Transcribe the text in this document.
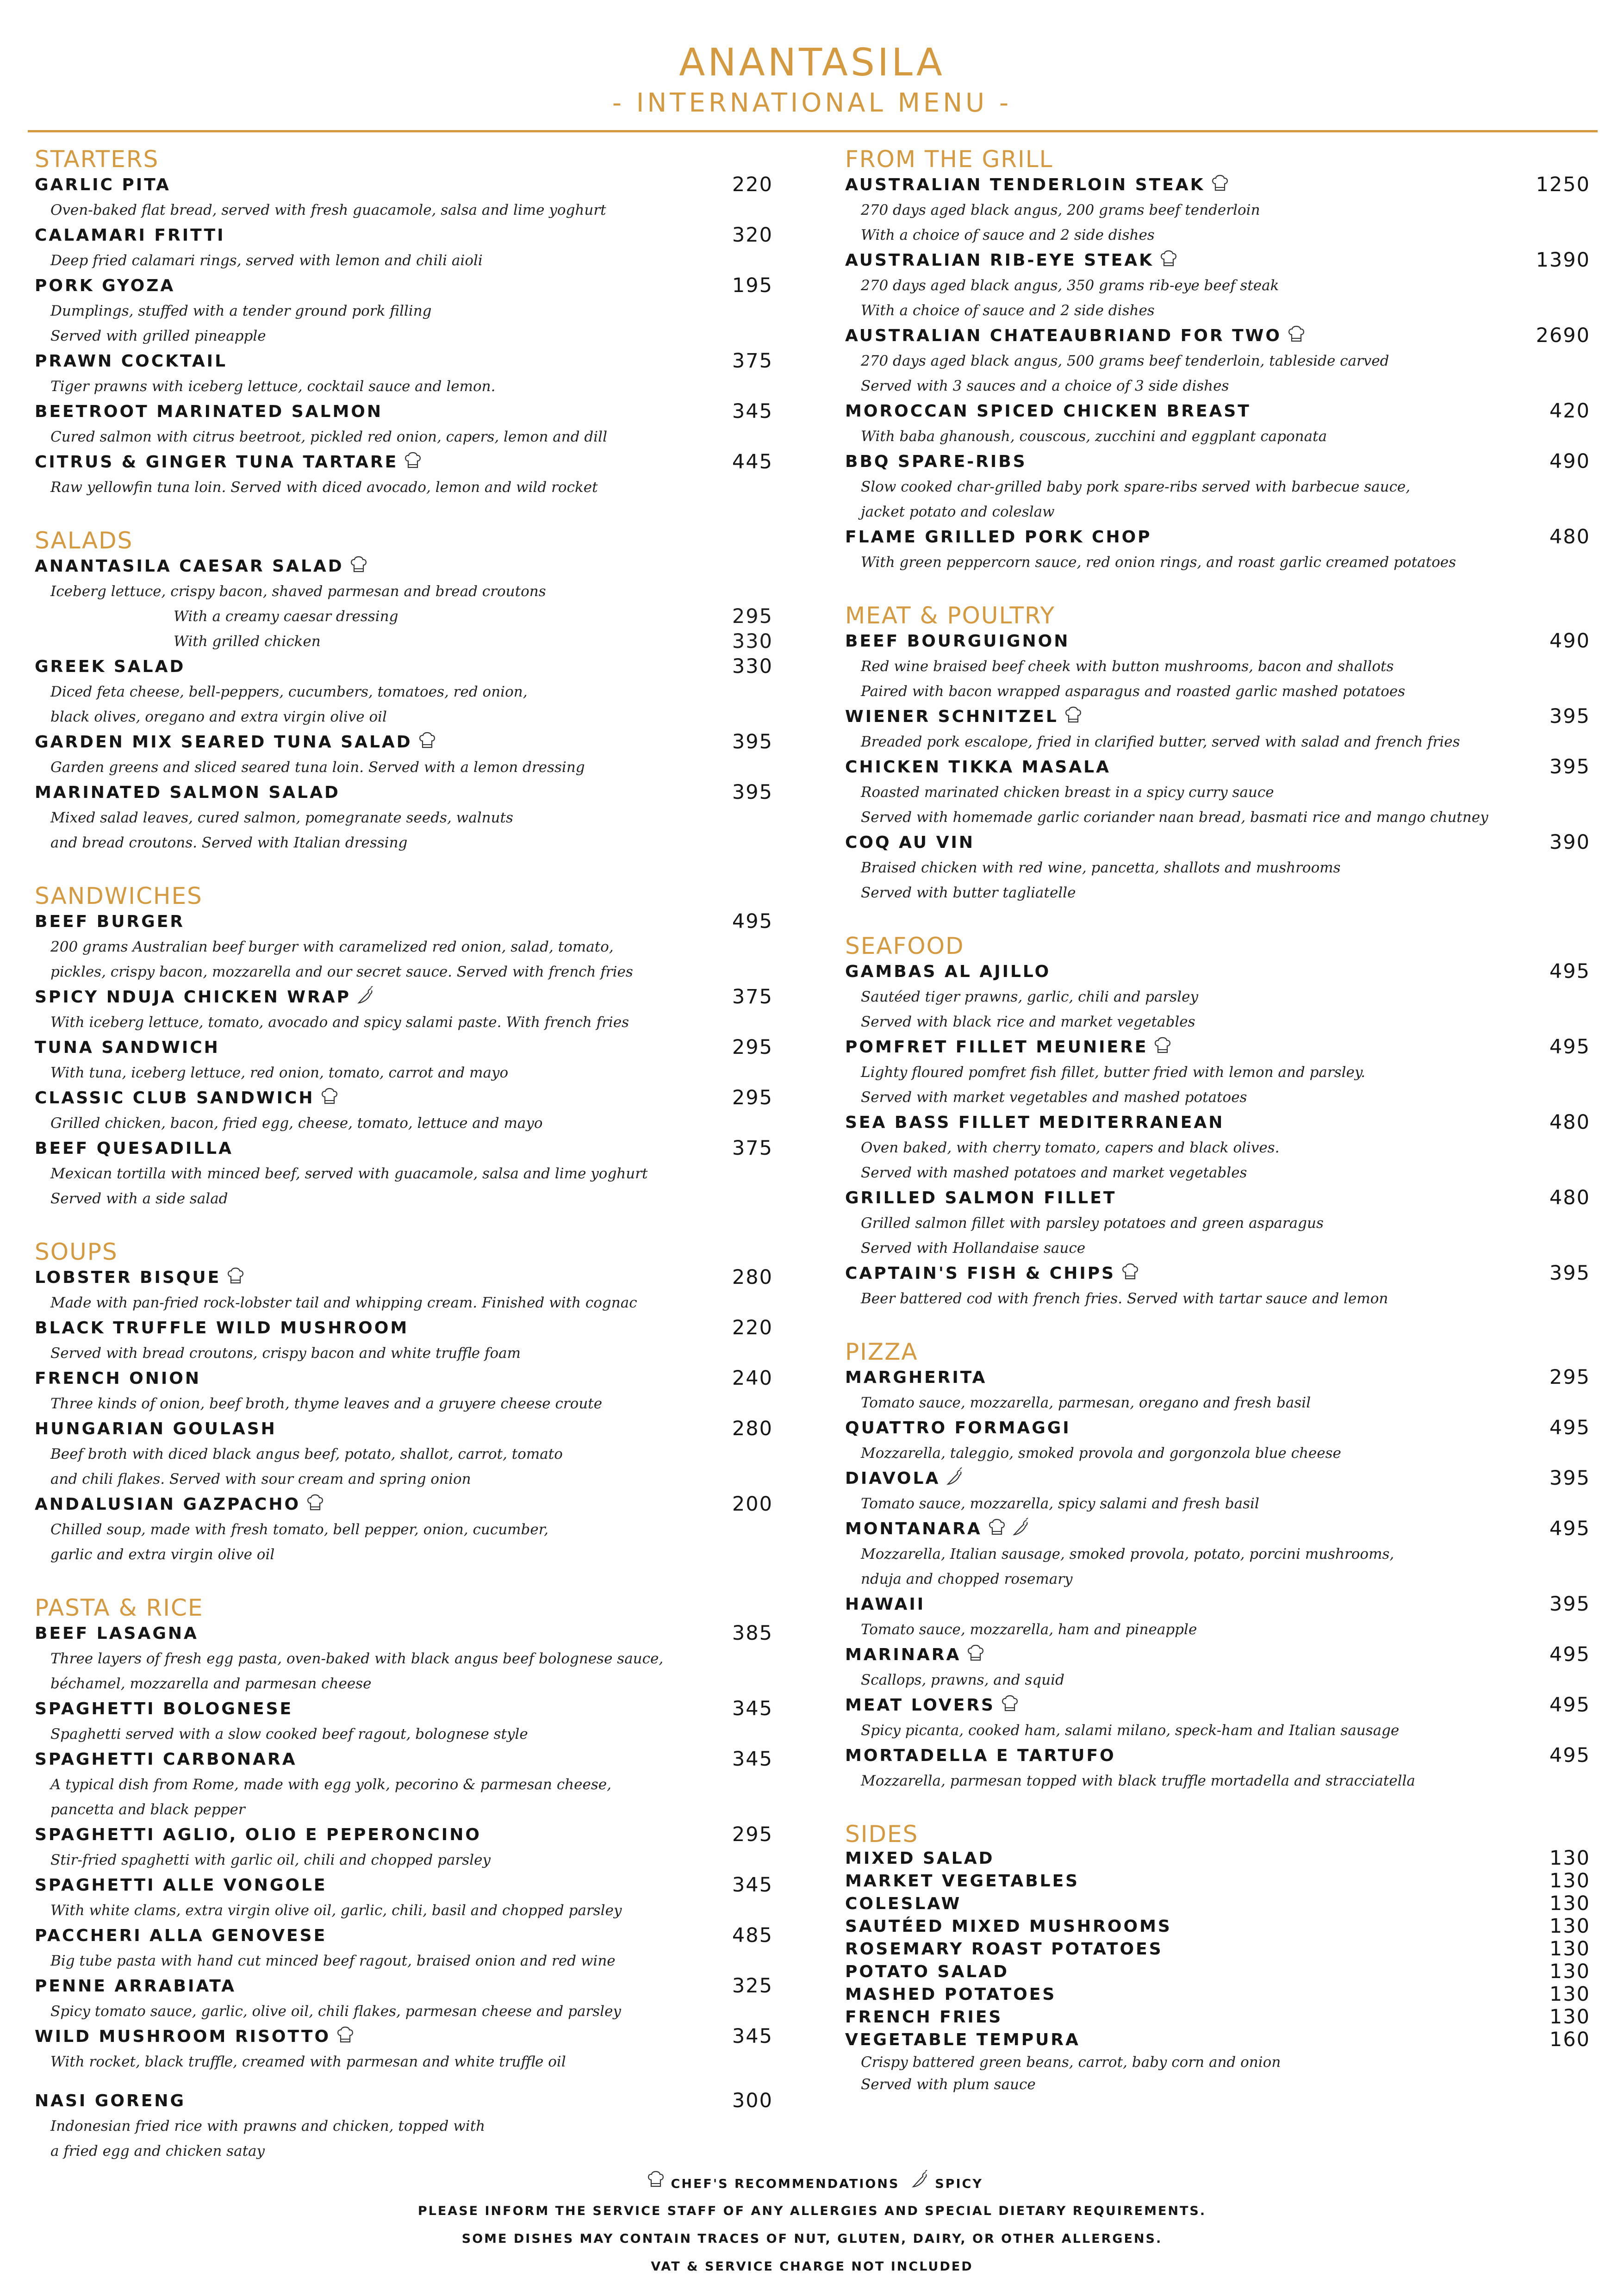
ANANTASILA
- INTERNATIONAL MENU -
STARTERS
GARLIC PITA	220
Oven-baked flat bread, served with fresh guacamole, salsa and lime yoghurt
CALAMARI FRITTI	320
Deep fried calamari rings, served with lemon and chili aioli
PORK GYOZA	195
Dumplings, stuffed with a tender ground pork filling
Served with grilled pineapple
PRAWN COCKTAIL	375
Tiger prawns with iceberg lettuce, cocktail sauce and lemon.
BEETROOT MARINATED SALMON	345
Cured salmon with citrus beetroot, pickled red onion, capers, lemon and dill
CITRUS & GINGER TUNA TARTARE	445
Raw yellowfin tuna loin. Served with diced avocado, lemon and wild rocket
SALADS
ANANTASILA CAESAR SALAD
Iceberg lettuce, crispy bacon, shaved parmesan and bread croutons
With a creamy caesar dressing	295
With grilled chicken	330
GREEK SALAD	330
Diced feta cheese, bell-peppers, cucumbers, tomatoes, red onion,
black olives, oregano and extra virgin olive oil
GARDEN MIX SEARED TUNA SALAD	395
Garden greens and sliced seared tuna loin. Served with a lemon dressing
MARINATED SALMON SALAD	395
Mixed salad leaves, cured salmon, pomegranate seeds, walnuts
and bread croutons. Served with Italian dressing
SANDWICHES
BEEF BURGER	495
200 grams Australian beef burger with caramelized red onion, salad, tomato,
pickles, crispy bacon, mozzarella and our secret sauce. Served with french fries
SPICY NDUJA CHICKEN WRAP	375
With iceberg lettuce, tomato, avocado and spicy salami paste. With french fries
TUNA SANDWICH	295
With tuna, iceberg lettuce, red onion, tomato, carrot and mayo
CLASSIC CLUB SANDWICH	295
Grilled chicken, bacon, fried egg, cheese, tomato, lettuce and mayo
BEEF QUESADILLA	375
Mexican tortilla with minced beef, served with guacamole, salsa and lime yoghurt
Served with a side salad
SOUPS
LOBSTER BISQUE	280
Made with pan-fried rock-lobster tail and whipping cream. Finished with cognac
BLACK TRUFFLE WILD MUSHROOM	220
Served with bread croutons, crispy bacon and white truffle foam
FRENCH ONION	240
Three kinds of onion, beef broth, thyme leaves and a gruyere cheese croute
HUNGARIAN GOULASH	280
Beef broth with diced black angus beef, potato, shallot, carrot, tomato
and chili flakes. Served with sour cream and spring onion
ANDALUSIAN GAZPACHO	200
Chilled soup, made with fresh tomato, bell pepper, onion, cucumber,
garlic and extra virgin olive oil
PASTA & RICE
BEEF LASAGNA	385
Three layers of fresh egg pasta, oven-baked with black angus beef bolognese sauce,
béchamel, mozzarella and parmesan cheese
SPAGHETTI BOLOGNESE	345
Spaghetti served with a slow cooked beef ragout, bolognese style
SPAGHETTI CARBONARA	345
A typical dish from Rome, made with egg yolk, pecorino & parmesan cheese,
pancetta and black pepper
SPAGHETTI AGLIO, OLIO E PEPERONCINO	295
Stir-fried spaghetti with garlic oil, chili and chopped parsley
SPAGHETTI ALLE VONGOLE	345
With white clams, extra virgin olive oil, garlic, chili, basil and chopped parsley
PACCHERI ALLA GENOVESE	485
Big tube pasta with hand cut minced beef ragout, braised onion and red wine
PENNE ARRABIATA	325
Spicy tomato sauce, garlic, olive oil, chili flakes, parmesan cheese and parsley
WILD MUSHROOM RISOTTO	345
With rocket, black truffle, creamed with parmesan and white truffle oil
NASI GORENG	300
Indonesian fried rice with prawns and chicken, topped with
a fried egg and chicken satay
FROM THE GRILL
AUSTRALIAN TENDERLOIN STEAK	1250
270 days aged black angus, 200 grams beef tenderloin
With a choice of sauce and 2 side dishes
AUSTRALIAN RIB-EYE STEAK	1390
270 days aged black angus, 350 grams rib-eye beef steak
With a choice of sauce and 2 side dishes
AUSTRALIAN CHATEAUBRIAND FOR TWO	2690
270 days aged black angus, 500 grams beef tenderloin, tableside carved
Served with 3 sauces and a choice of 3 side dishes
MOROCCAN SPICED CHICKEN BREAST	420
With baba ghanoush, couscous, zucchini and eggplant caponata
BBQ SPARE-RIBS	490
Slow cooked char-grilled baby pork spare-ribs served with barbecue sauce,
jacket potato and coleslaw
FLAME GRILLED PORK CHOP	480
With green peppercorn sauce, red onion rings, and roast garlic creamed potatoes
MEAT & POULTRY
BEEF BOURGUIGNON	490
Red wine braised beef cheek with button mushrooms, bacon and shallots
Paired with bacon wrapped asparagus and roasted garlic mashed potatoes
WIENER SCHNITZEL	395
Breaded pork escalope, fried in clarified butter, served with salad and french fries
CHICKEN TIKKA MASALA	395
Roasted marinated chicken breast in a spicy curry sauce
Served with homemade garlic coriander naan bread, basmati rice and mango chutney
COQ AU VIN	390
Braised chicken with red wine, pancetta, shallots and mushrooms
Served with butter tagliatelle
SEAFOOD
GAMBAS AL AJILLO	495
Sautéed tiger prawns, garlic, chili and parsley
Served with black rice and market vegetables
POMFRET FILLET MEUNIERE	495
Lighty floured pomfret fish fillet, butter fried with lemon and parsley.
Served with market vegetables and mashed potatoes
SEA BASS FILLET MEDITERRANEAN	480
Oven baked, with cherry tomato, capers and black olives.
Served with mashed potatoes and market vegetables
GRILLED SALMON FILLET	480
Grilled salmon fillet with parsley potatoes and green asparagus
Served with Hollandaise sauce
CAPTAIN'S FISH & CHIPS	395
Beer battered cod with french fries. Served with tartar sauce and lemon
PIZZA
MARGHERITA	295
Tomato sauce, mozzarella, parmesan, oregano and fresh basil
QUATTRO FORMAGGI	495
Mozzarella, taleggio, smoked provola and gorgonzola blue cheese
DIAVOLA	395
Tomato sauce, mozzarella, spicy salami and fresh basil
MONTANARA	495
Mozzarella, Italian sausage, smoked provola, potato, porcini mushrooms,
nduja and chopped rosemary
HAWAII	395
Tomato sauce, mozzarella, ham and pineapple
MARINARA	495
Scallops, prawns, and squid
MEAT LOVERS	495
Spicy picanta, cooked ham, salami milano, speck-ham and Italian sausage
MORTADELLA E TARTUFO	495
Mozzarella, parmesan topped with black truffle mortadella and stracciatella
SIDES
MIXED SALAD	130
MARKET VEGETABLES	130
COLESLAW	130
SAUTÉED MIXED MUSHROOMS	130
ROSEMARY ROAST POTATOES	130
POTATO SALAD	130
MASHED POTATOES	130
FRENCH FRIES	130
VEGETABLE TEMPURA	160
Crispy battered green beans, carrot, baby corn and onion
Served with plum sauce
CHEF'S RECOMMENDATIONS	SPICY
PLEASE INFORM THE SERVICE STAFF OF ANY ALLERGIES AND SPECIAL DIETARY REQUIREMENTS.
SOME DISHES MAY CONTAIN TRACES OF NUT, GLUTEN, DAIRY, OR OTHER ALLERGENS.
VAT & SERVICE CHARGE NOT INCLUDED
